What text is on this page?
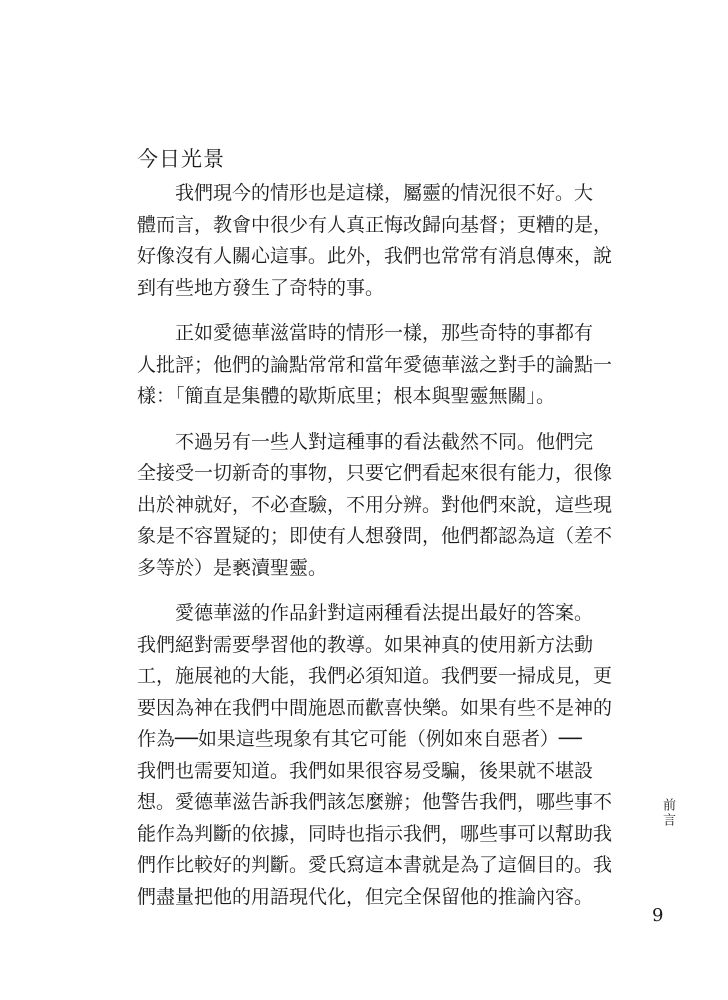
今日光景

我們現今的情形也是這樣，屬靈的情況很不好。大
體而言，教會中很少有人真正悔改歸向基督；更糟的是，
好像沒有人關心這事。此外，我們也常常有消息傳來，說
到有些地方發生了奇特的事。

正如愛德華滋當時的情形一樣，那些奇特的事都有
人批評；他們的論點常常和當年愛德華滋之對手的論點一
樣：「簡直是集體的歇斯底里；根本與聖靈無關」。

不過另有一些人對這種事的看法截然不同。他們完
全接受一切新奇的事物，只要它們看起來很有能力，很像
出於神就好，不必查驗，不用分辨。對他們來說，這些現
象是不容置疑的；即使有人想發問，他們都認為這（差不
多等於）是褻瀆聖靈。

愛德華滋的作品針對這兩種看法提出最好的答案。
我們絕對需要學習他的教導。如果神真的使用新方法動
工，施展祂的大能，我們必須知道。我們要一掃成見，更
要因為神在我們中間施恩而歡喜快樂。如果有些不是神的
作為──如果這些現象有其它可能（例如來自惡者）──
我們也需要知道。我們如果很容易受騙，後果就不堪設
想。愛德華滋告訴我們該怎麼辦；他警告我們，哪些事不
能作為判斷的依據，同時也指示我們，哪些事可以幫助我
們作比較好的判斷。愛氏寫這本書就是為了這個目的。我
們盡量把他的用語現代化，但完全保留他的推論內容。

前言
9
